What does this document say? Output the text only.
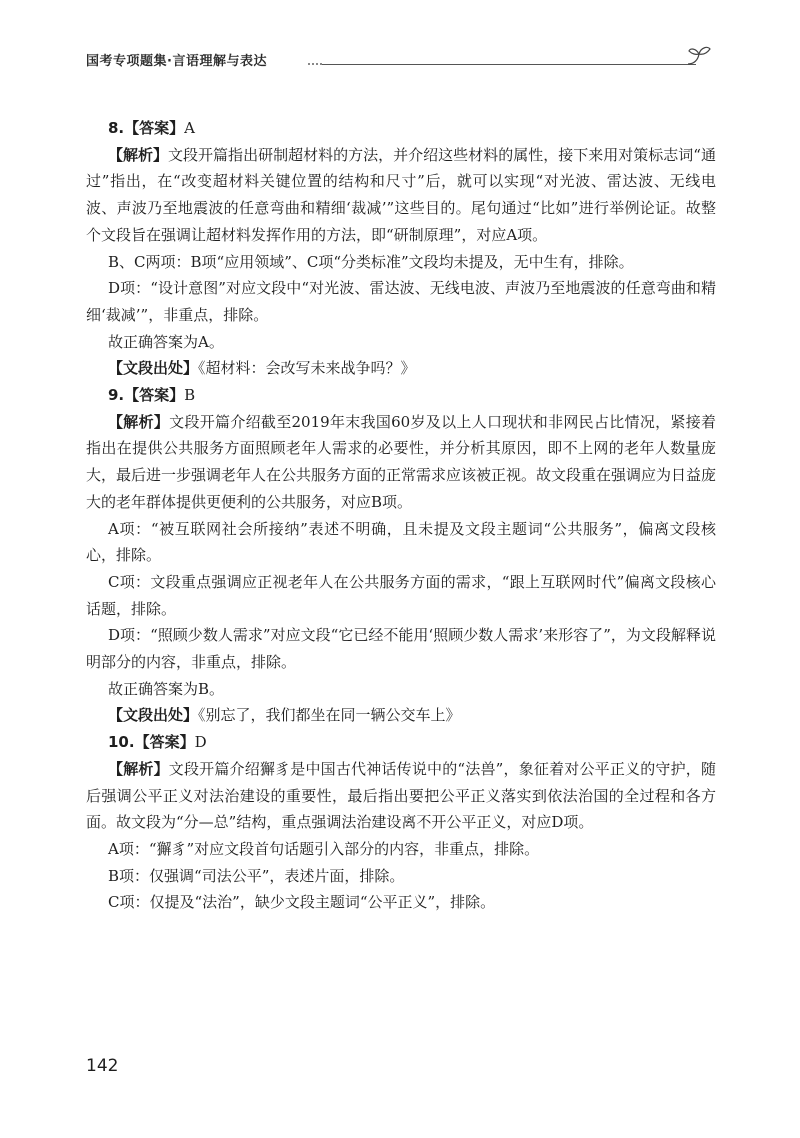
国考专项题集·言语理解与表达

8.【答案】A

【解析】文段开篇指出研制超材料的方法，并介绍这些材料的属性，接下来用对策标志词“通过”指出，在“改变超材料关键位置的结构和尺寸”后，就可以实现“对光波、雷达波、无线电波、声波乃至地震波的任意弯曲和精细‘裁减’”这些目的。尾句通过“比如”进行举例论证。故整个文段旨在强调让超材料发挥作用的方法，即“研制原理”，对应A项。

B、C两项：B项“应用领域”、C项“分类标准”文段均未提及，无中生有，排除。

D项：“设计意图”对应文段中“对光波、雷达波、无线电波、声波乃至地震波的任意弯曲和精细‘裁减’”，非重点，排除。

故正确答案为A。

【文段出处】《超材料：会改写未来战争吗？》

9.【答案】B

【解析】文段开篇介绍截至2019年末我国60岁及以上人口现状和非网民占比情况，紧接着指出在提供公共服务方面照顾老年人需求的必要性，并分析其原因，即不上网的老年人数量庞大，最后进一步强调老年人在公共服务方面的正常需求应该被正视。故文段重在强调应为日益庞大的老年群体提供更便利的公共服务，对应B项。

A项：“被互联网社会所接纳”表述不明确，且未提及文段主题词“公共服务”，偏离文段核心，排除。

C项：文段重点强调应正视老年人在公共服务方面的需求，“跟上互联网时代”偏离文段核心话题，排除。

D项：“照顾少数人需求”对应文段“它已经不能用‘照顾少数人需求’来形容了”，为文段解释说明部分的内容，非重点，排除。

故正确答案为B。

【文段出处】《别忘了，我们都坐在同一辆公交车上》

10.【答案】D

【解析】文段开篇介绍獬豸是中国古代神话传说中的“法兽”，象征着对公平正义的守护，随后强调公平正义对法治建设的重要性，最后指出要把公平正义落实到依法治国的全过程和各方面。故文段为“分—总”结构，重点强调法治建设离不开公平正义，对应D项。

A项：“獬豸”对应文段首句话题引入部分的内容，非重点，排除。

B项：仅强调“司法公平”，表述片面，排除。

C项：仅提及“法治”，缺少文段主题词“公平正义”，排除。

142
